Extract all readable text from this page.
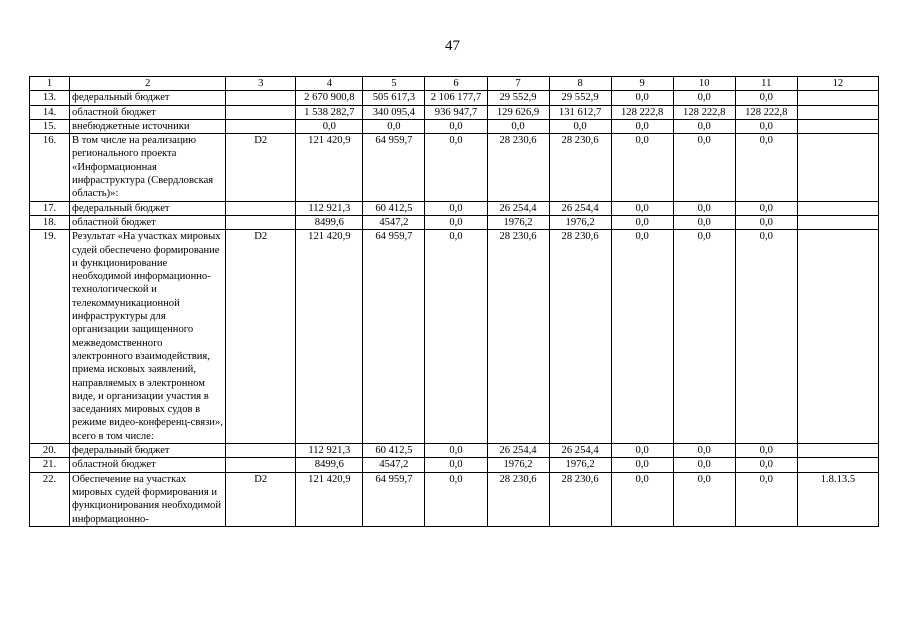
47
1	2	3	4	5	6	7	8	9	10	11	12
13.	федеральный бюджет		2 670 900,8	505 617,3	2 106 177,7	29 552,9	29 552,9	0,0	0,0	0,0	
14.	областной бюджет		1 538 282,7	340 095,4	936 947,7	129 626,9	131 612,7	128 222,8	128 222,8	128 222,8	
15.	внебюджетные источники		0,0	0,0	0,0	0,0	0,0	0,0	0,0	0,0	
16.	В том числе на реализацию регионального проекта «Информационная инфраструктура (Свердловская область)»:	D2	121 420,9	64 959,7	0,0	28 230,6	28 230,6	0,0	0,0	0,0	
17.	федеральный бюджет		112 921,3	60 412,5	0,0	26 254,4	26 254,4	0,0	0,0	0,0	
18.	областной бюджет		8499,6	4547,2	0,0	1976,2	1976,2	0,0	0,0	0,0	
19.	Результат «На участках мировых судей обеспечено формирование и функционирование необходимой информационно-технологической и телекоммуникационной инфраструктуры для организации защищенного межведомственного электронного взаимодействия, приема исковых заявлений, направляемых в электронном виде, и организации участия в заседаниях мировых судов в режиме видео-конференц-связи», всего в том числе:	D2	121 420,9	64 959,7	0,0	28 230,6	28 230,6	0,0	0,0	0,0	
20.	федеральный бюджет		112 921,3	60 412,5	0,0	26 254,4	26 254,4	0,0	0,0	0,0	
21.	областной бюджет		8499,6	4547,2	0,0	1976,2	1976,2	0,0	0,0	0,0	
22.	Обеспечение на участках мировых судей формирования и функционирования необходимой информационно-	D2	121 420,9	64 959,7	0,0	28 230,6	28 230,6	0,0	0,0	0,0	1.8.13.5
